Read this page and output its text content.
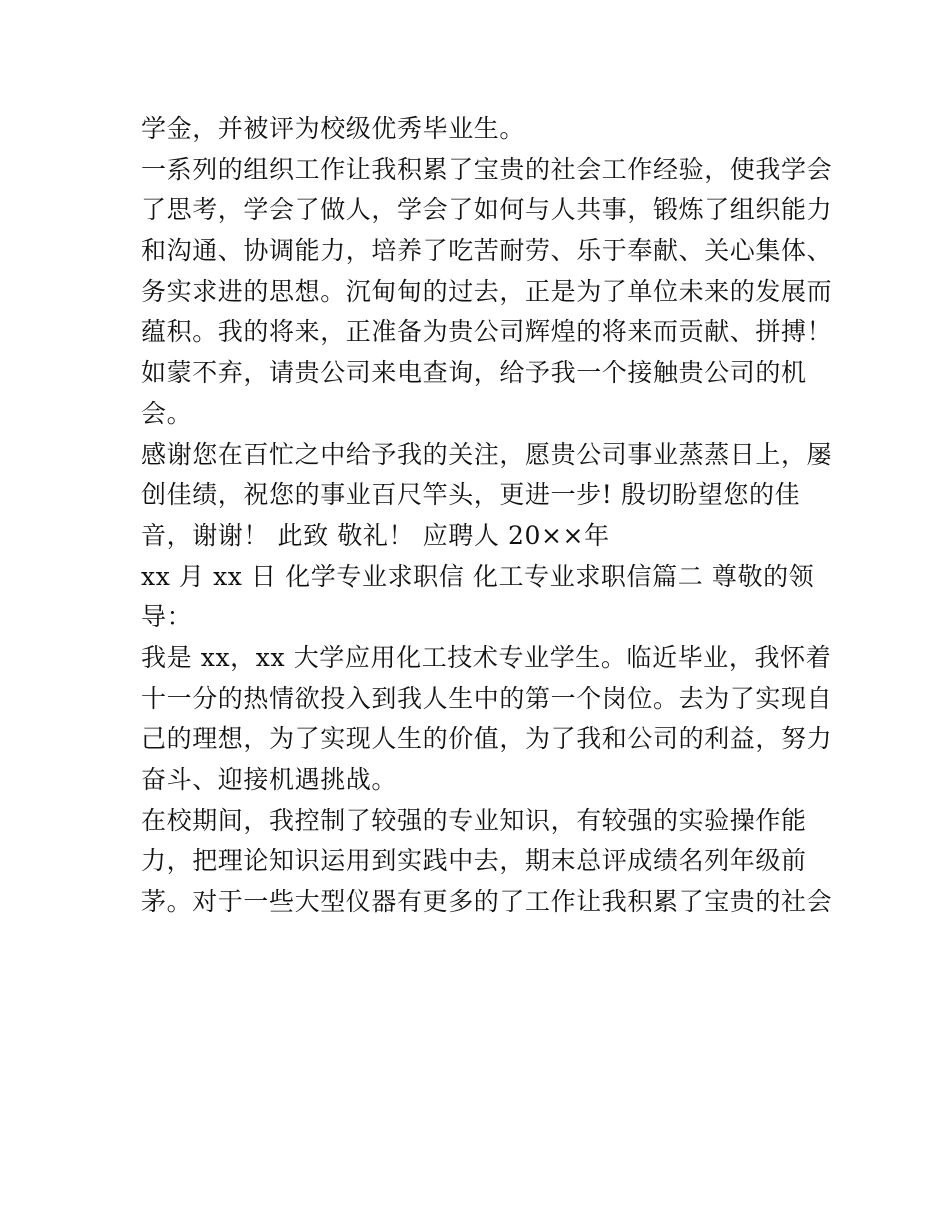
学金，并被评为校级优秀毕业生。

一系列的组织工作让我积累了宝贵的社会工作经验，使我学会

了思考，学会了做人，学会了如何与人共事，锻炼了组织能力

和沟通、协调能力，培养了吃苦耐劳、乐于奉献、关心集体、

务实求进的思想。沉甸甸的过去，正是为了单位未来的发展而

蕴积。我的将来，正准备为贵公司辉煌的将来而贡献、拼搏！

如蒙不弃，请贵公司来电查询，给予我一个接触贵公司的机

会。

感谢您在百忙之中给予我的关注，愿贵公司事业蒸蒸日上，屡

创佳绩，祝您的事业百尺竿头，更进一步! 殷切盼望您的佳

音，谢谢！ 此致 敬礼！ 应聘人 20××年

xx 月 xx 日 化学专业求职信 化工专业求职信篇二 尊敬的领

导：

我是 xx，xx 大学应用化工技术专业学生。临近毕业，我怀着

十一分的热情欲投入到我人生中的第一个岗位。去为了实现自

己的理想，为了实现人生的价值，为了我和公司的利益，努力

奋斗、迎接机遇挑战。

在校期间，我控制了较强的专业知识，有较强的实验操作能

力，把理论知识运用到实践中去，期末总评成绩名列年级前

茅。对于一些大型仪器有更多的了工作让我积累了宝贵的社会
